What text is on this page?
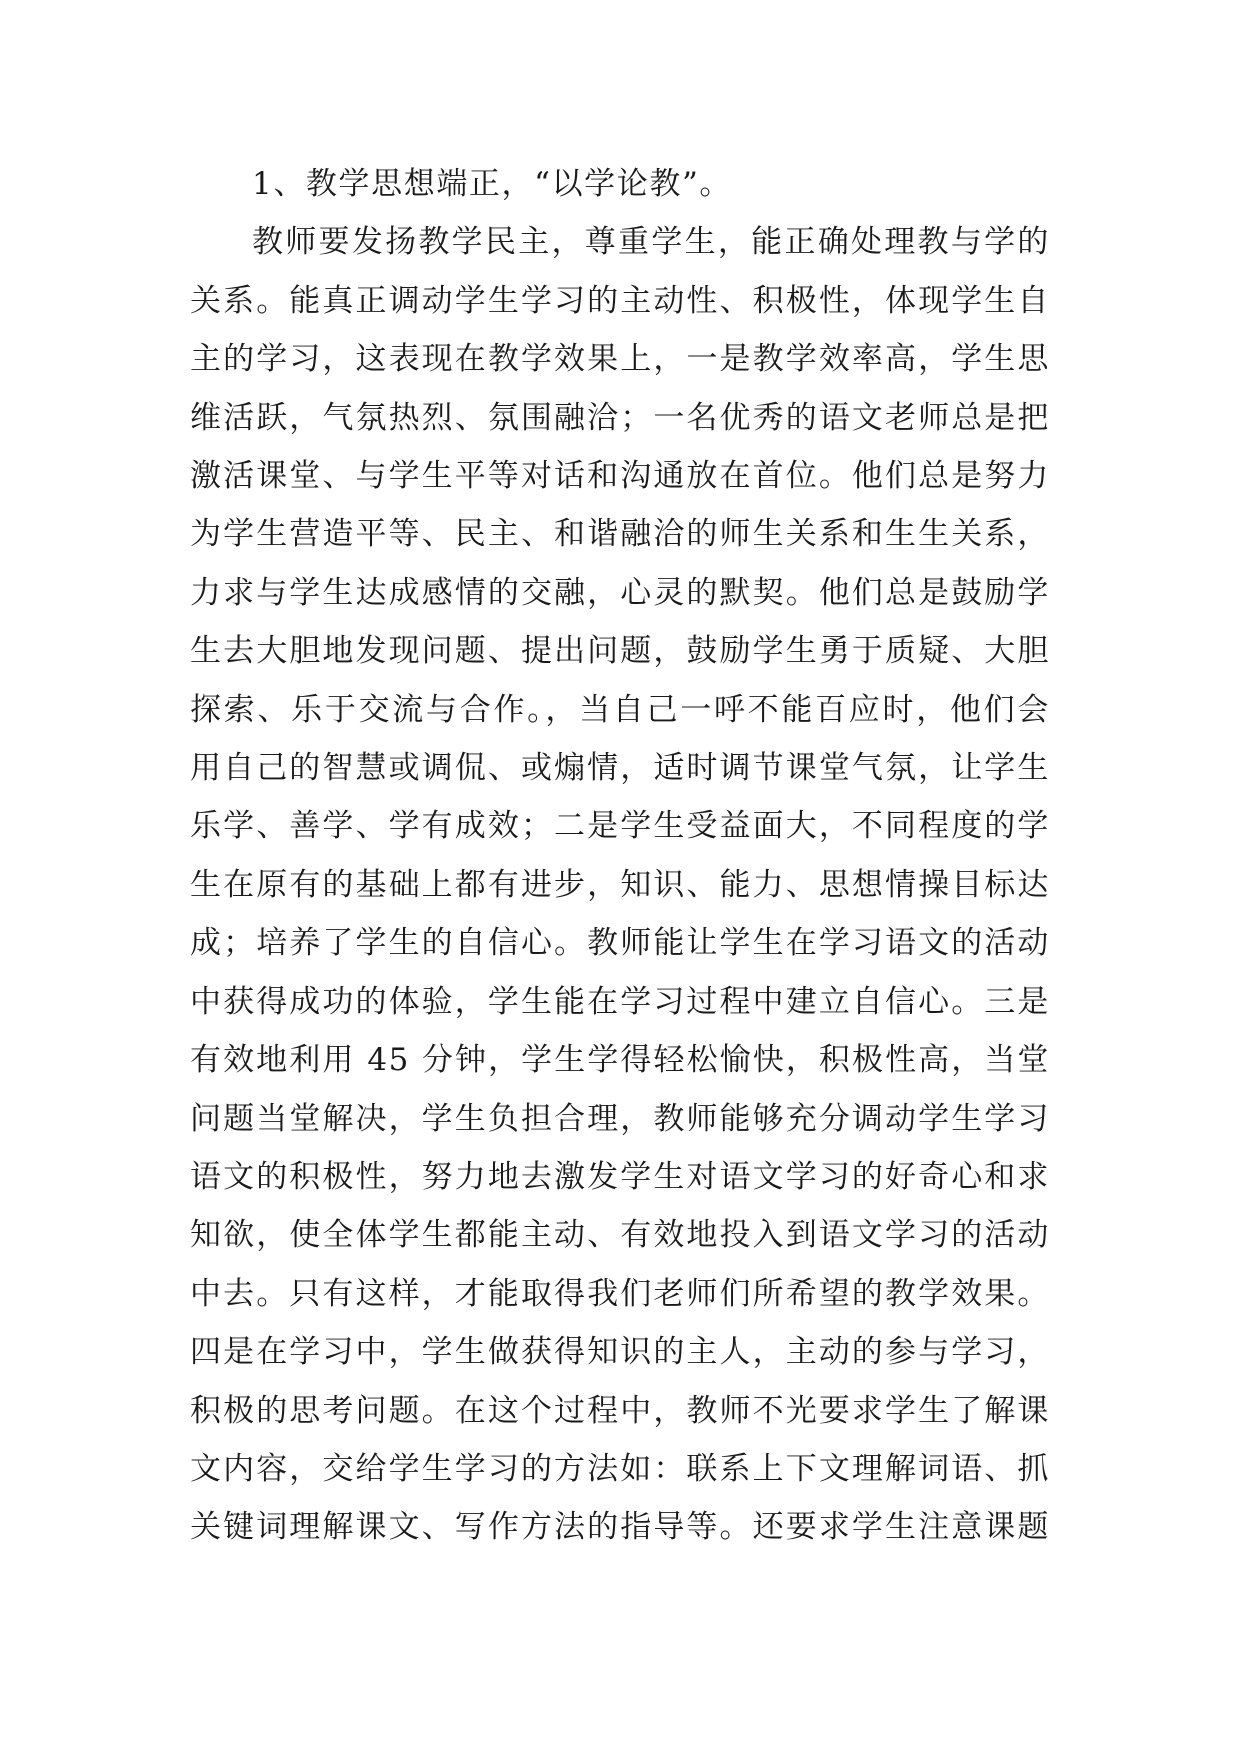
1、教学思想端正，“以学论教”。
教师要发扬教学民主，尊重学生，能正确处理教与学的
关系。能真正调动学生学习的主动性、积极性，体现学生自
主的学习，这表现在教学效果上，一是教学效率高，学生思
维活跃，气氛热烈、氛围融洽；一名优秀的语文老师总是把
激活课堂、与学生平等对话和沟通放在首位。他们总是努力
为学生营造平等、民主、和谐融洽的师生关系和生生关系，
力求与学生达成感情的交融，心灵的默契。他们总是鼓励学
生去大胆地发现问题、提出问题，鼓励学生勇于质疑、大胆
探索、乐于交流与合作。，当自己一呼不能百应时，他们会
用自己的智慧或调侃、或煽情，适时调节课堂气氛，让学生
乐学、善学、学有成效；二是学生受益面大，不同程度的学
生在原有的基础上都有进步，知识、能力、思想情操目标达
成；培养了学生的自信心。教师能让学生在学习语文的活动
中获得成功的体验，学生能在学习过程中建立自信心。三是
有效地利用 45 分钟，学生学得轻松愉快，积极性高，当堂
问题当堂解决，学生负担合理，教师能够充分调动学生学习
语文的积极性，努力地去激发学生对语文学习的好奇心和求
知欲，使全体学生都能主动、有效地投入到语文学习的活动
中去。只有这样，才能取得我们老师们所希望的教学效果。
四是在学习中，学生做获得知识的主人，主动的参与学习，
积极的思考问题。在这个过程中，教师不光要求学生了解课
文内容，交给学生学习的方法如：联系上下文理解词语、抓
关键词理解课文、写作方法的指导等。还要求学生注意课题
